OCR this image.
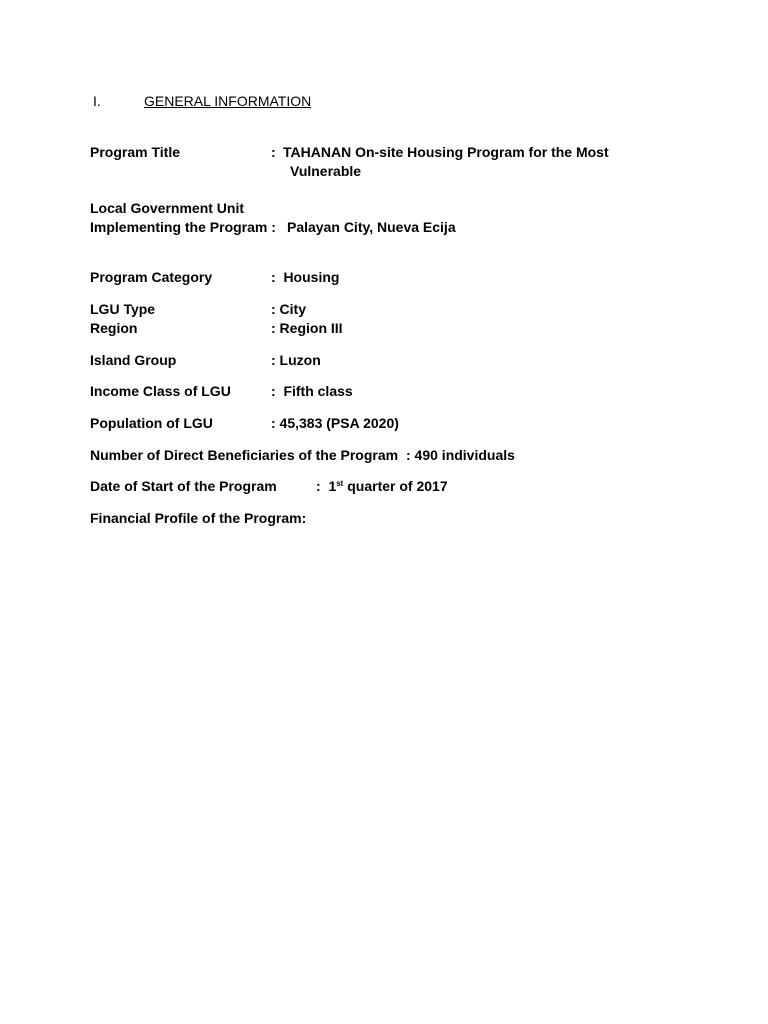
I.	GENERAL INFORMATION
Program Title	: TAHANAN On-site Housing Program for the Most
Vulnerable
Local Government Unit
Implementing the Program : Palayan City, Nueva Ecija
Program Category	:  Housing
LGU Type	: City
Region	: Region III
Island Group	: Luzon
Income Class of LGU	:  Fifth class
Population of LGU	: 45,383 (PSA 2020)
Number of Direct Beneficiaries of the Program : 490 individuals
Date of Start of the Program	:  1st quarter of 2017
Financial Profile of the Program:
